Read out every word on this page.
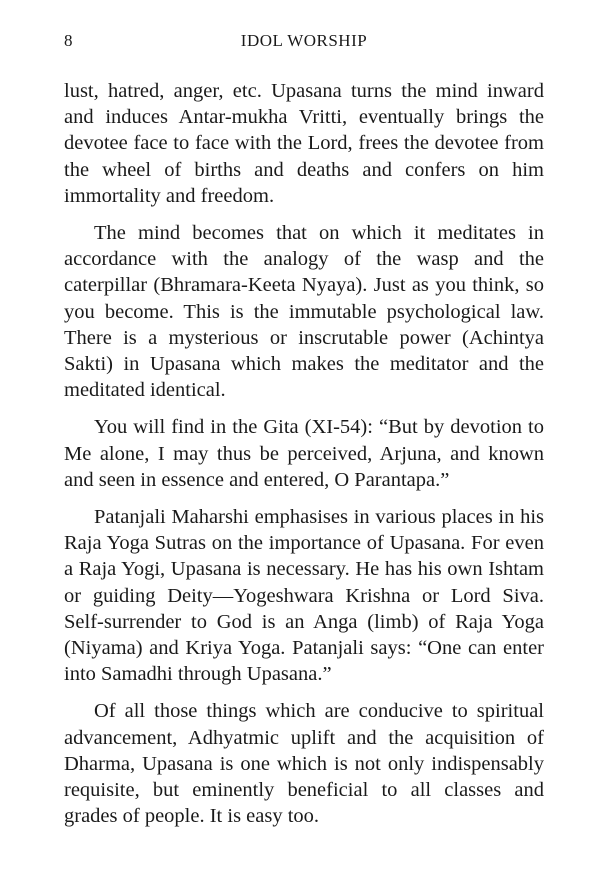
8	IDOL WORSHIP

lust, hatred, anger, etc. Upasana turns the mind inward and induces Antar-mukha Vritti, eventually brings the devotee face to face with the Lord, frees the devotee from the wheel of births and deaths and confers on him immortality and freedom.

The mind becomes that on which it meditates in accordance with the analogy of the wasp and the caterpillar (Bhramara-Keeta Nyaya). Just as you think, so you become. This is the immutable psychological law. There is a mysterious or inscrutable power (Achintya Sakti) in Upasana which makes the meditator and the meditated identical.

You will find in the Gita (XI-54): “But by devotion to Me alone, I may thus be perceived, Arjuna, and known and seen in essence and entered, O Parantapa.”

Patanjali Maharshi emphasises in various places in his Raja Yoga Sutras on the importance of Upasana. For even a Raja Yogi, Upasana is necessary. He has his own Ishtam or guiding Deity—Yogeshwara Krishna or Lord Siva. Self-surrender to God is an Anga (limb) of Raja Yoga (Niyama) and Kriya Yoga. Patanjali says: “One can enter into Samadhi through Upasana.”

Of all those things which are conducive to spiritual advancement, Adhyatmic uplift and the acquisition of Dharma, Upasana is one which is not only indispensably requisite, but eminently beneficial to all classes and grades of people. It is easy too.
